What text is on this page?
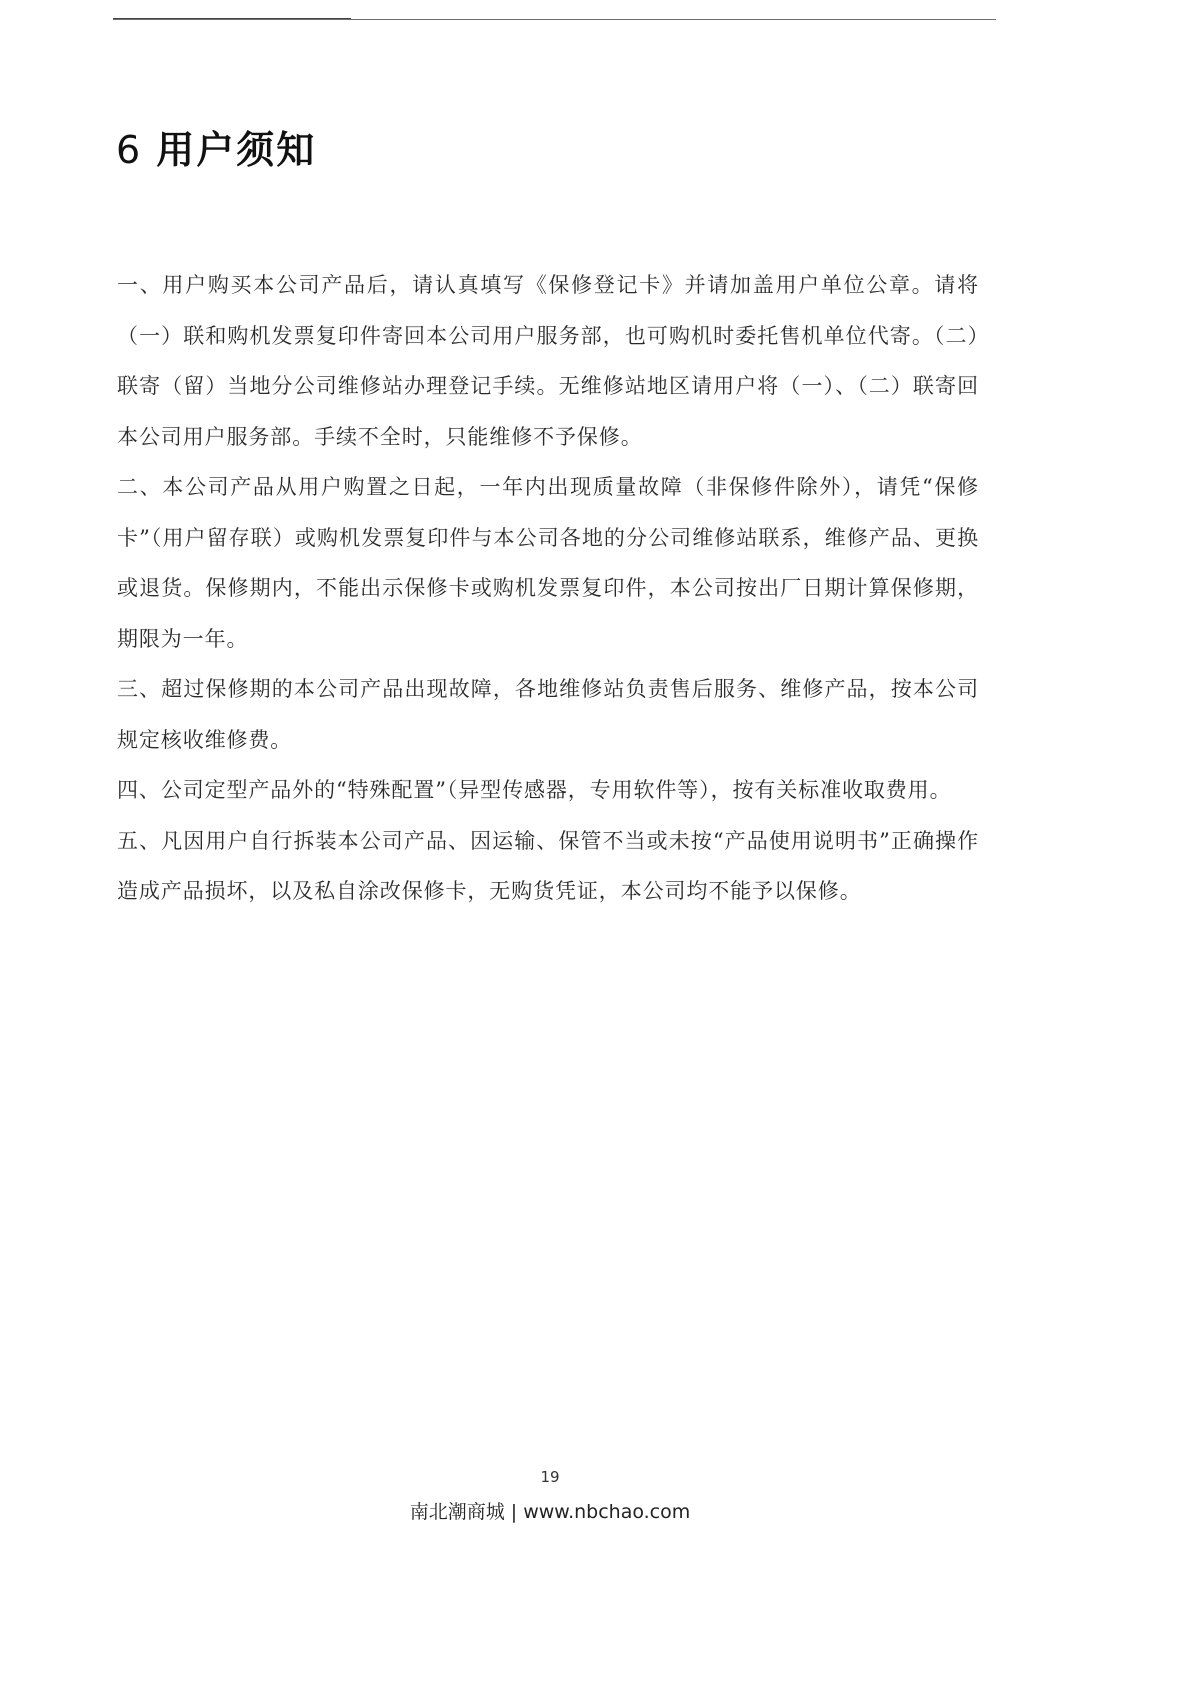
6 用户须知

一、用户购买本公司产品后，请认真填写《保修登记卡》并请加盖用户单位公章。请将（一）联和购机发票复印件寄回本公司用户服务部，也可购机时委托售机单位代寄。（二）联寄（留）当地分公司维修站办理登记手续。无维修站地区请用户将（一）、（二）联寄回本公司用户服务部。手续不全时，只能维修不予保修。

二、本公司产品从用户购置之日起，一年内出现质量故障（非保修件除外），请凭“保修卡”（用户留存联）或购机发票复印件与本公司各地的分公司维修站联系，维修产品、更换或退货。保修期内，不能出示保修卡或购机发票复印件，本公司按出厂日期计算保修期，期限为一年。

三、超过保修期的本公司产品出现故障，各地维修站负责售后服务、维修产品，按本公司规定核收维修费。

四、公司定型产品外的“特殊配置”（异型传感器，专用软件等），按有关标准收取费用。

五、凡因用户自行拆装本公司产品、因运输、保管不当或未按“产品使用说明书”正确操作造成产品损坏，以及私自涂改保修卡，无购货凭证，本公司均不能予以保修。

19
南北潮商城 | www.nbchao.com
